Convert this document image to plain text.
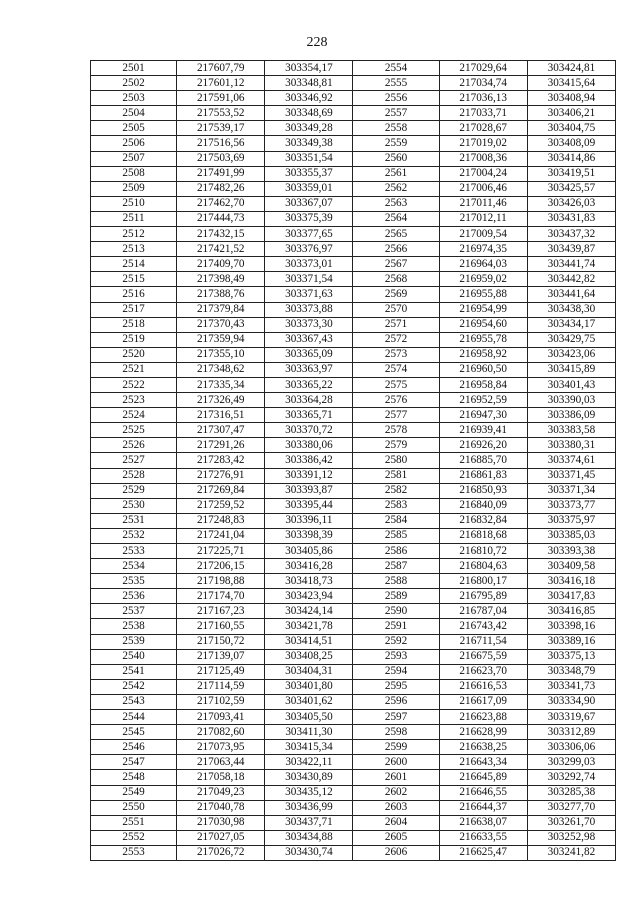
228
2501	217607,79	303354,17	2554	217029,64	303424,81
2502	217601,12	303348,81	2555	217034,74	303415,64
2503	217591,06	303346,92	2556	217036,13	303408,94
2504	217553,52	303348,69	2557	217033,71	303406,21
2505	217539,17	303349,28	2558	217028,67	303404,75
2506	217516,56	303349,38	2559	217019,02	303408,09
2507	217503,69	303351,54	2560	217008,36	303414,86
2508	217491,99	303355,37	2561	217004,24	303419,51
2509	217482,26	303359,01	2562	217006,46	303425,57
2510	217462,70	303367,07	2563	217011,46	303426,03
2511	217444,73	303375,39	2564	217012,11	303431,83
2512	217432,15	303377,65	2565	217009,54	303437,32
2513	217421,52	303376,97	2566	216974,35	303439,87
2514	217409,70	303373,01	2567	216964,03	303441,74
2515	217398,49	303371,54	2568	216959,02	303442,82
2516	217388,76	303371,63	2569	216955,88	303441,64
2517	217379,84	303373,88	2570	216954,99	303438,30
2518	217370,43	303373,30	2571	216954,60	303434,17
2519	217359,94	303367,43	2572	216955,78	303429,75
2520	217355,10	303365,09	2573	216958,92	303423,06
2521	217348,62	303363,97	2574	216960,50	303415,89
2522	217335,34	303365,22	2575	216958,84	303401,43
2523	217326,49	303364,28	2576	216952,59	303390,03
2524	217316,51	303365,71	2577	216947,30	303386,09
2525	217307,47	303370,72	2578	216939,41	303383,58
2526	217291,26	303380,06	2579	216926,20	303380,31
2527	217283,42	303386,42	2580	216885,70	303374,61
2528	217276,91	303391,12	2581	216861,83	303371,45
2529	217269,84	303393,87	2582	216850,93	303371,34
2530	217259,52	303395,44	2583	216840,09	303373,77
2531	217248,83	303396,11	2584	216832,84	303375,97
2532	217241,04	303398,39	2585	216818,68	303385,03
2533	217225,71	303405,86	2586	216810,72	303393,38
2534	217206,15	303416,28	2587	216804,63	303409,58
2535	217198,88	303418,73	2588	216800,17	303416,18
2536	217174,70	303423,94	2589	216795,89	303417,83
2537	217167,23	303424,14	2590	216787,04	303416,85
2538	217160,55	303421,78	2591	216743,42	303398,16
2539	217150,72	303414,51	2592	216711,54	303389,16
2540	217139,07	303408,25	2593	216675,59	303375,13
2541	217125,49	303404,31	2594	216623,70	303348,79
2542	217114,59	303401,80	2595	216616,53	303341,73
2543	217102,59	303401,62	2596	216617,09	303334,90
2544	217093,41	303405,50	2597	216623,88	303319,67
2545	217082,60	303411,30	2598	216628,99	303312,89
2546	217073,95	303415,34	2599	216638,25	303306,06
2547	217063,44	303422,11	2600	216643,34	303299,03
2548	217058,18	303430,89	2601	216645,89	303292,74
2549	217049,23	303435,12	2602	216646,55	303285,38
2550	217040,78	303436,99	2603	216644,37	303277,70
2551	217030,98	303437,71	2604	216638,07	303261,70
2552	217027,05	303434,88	2605	216633,55	303252,98
2553	217026,72	303430,74	2606	216625,47	303241,82
